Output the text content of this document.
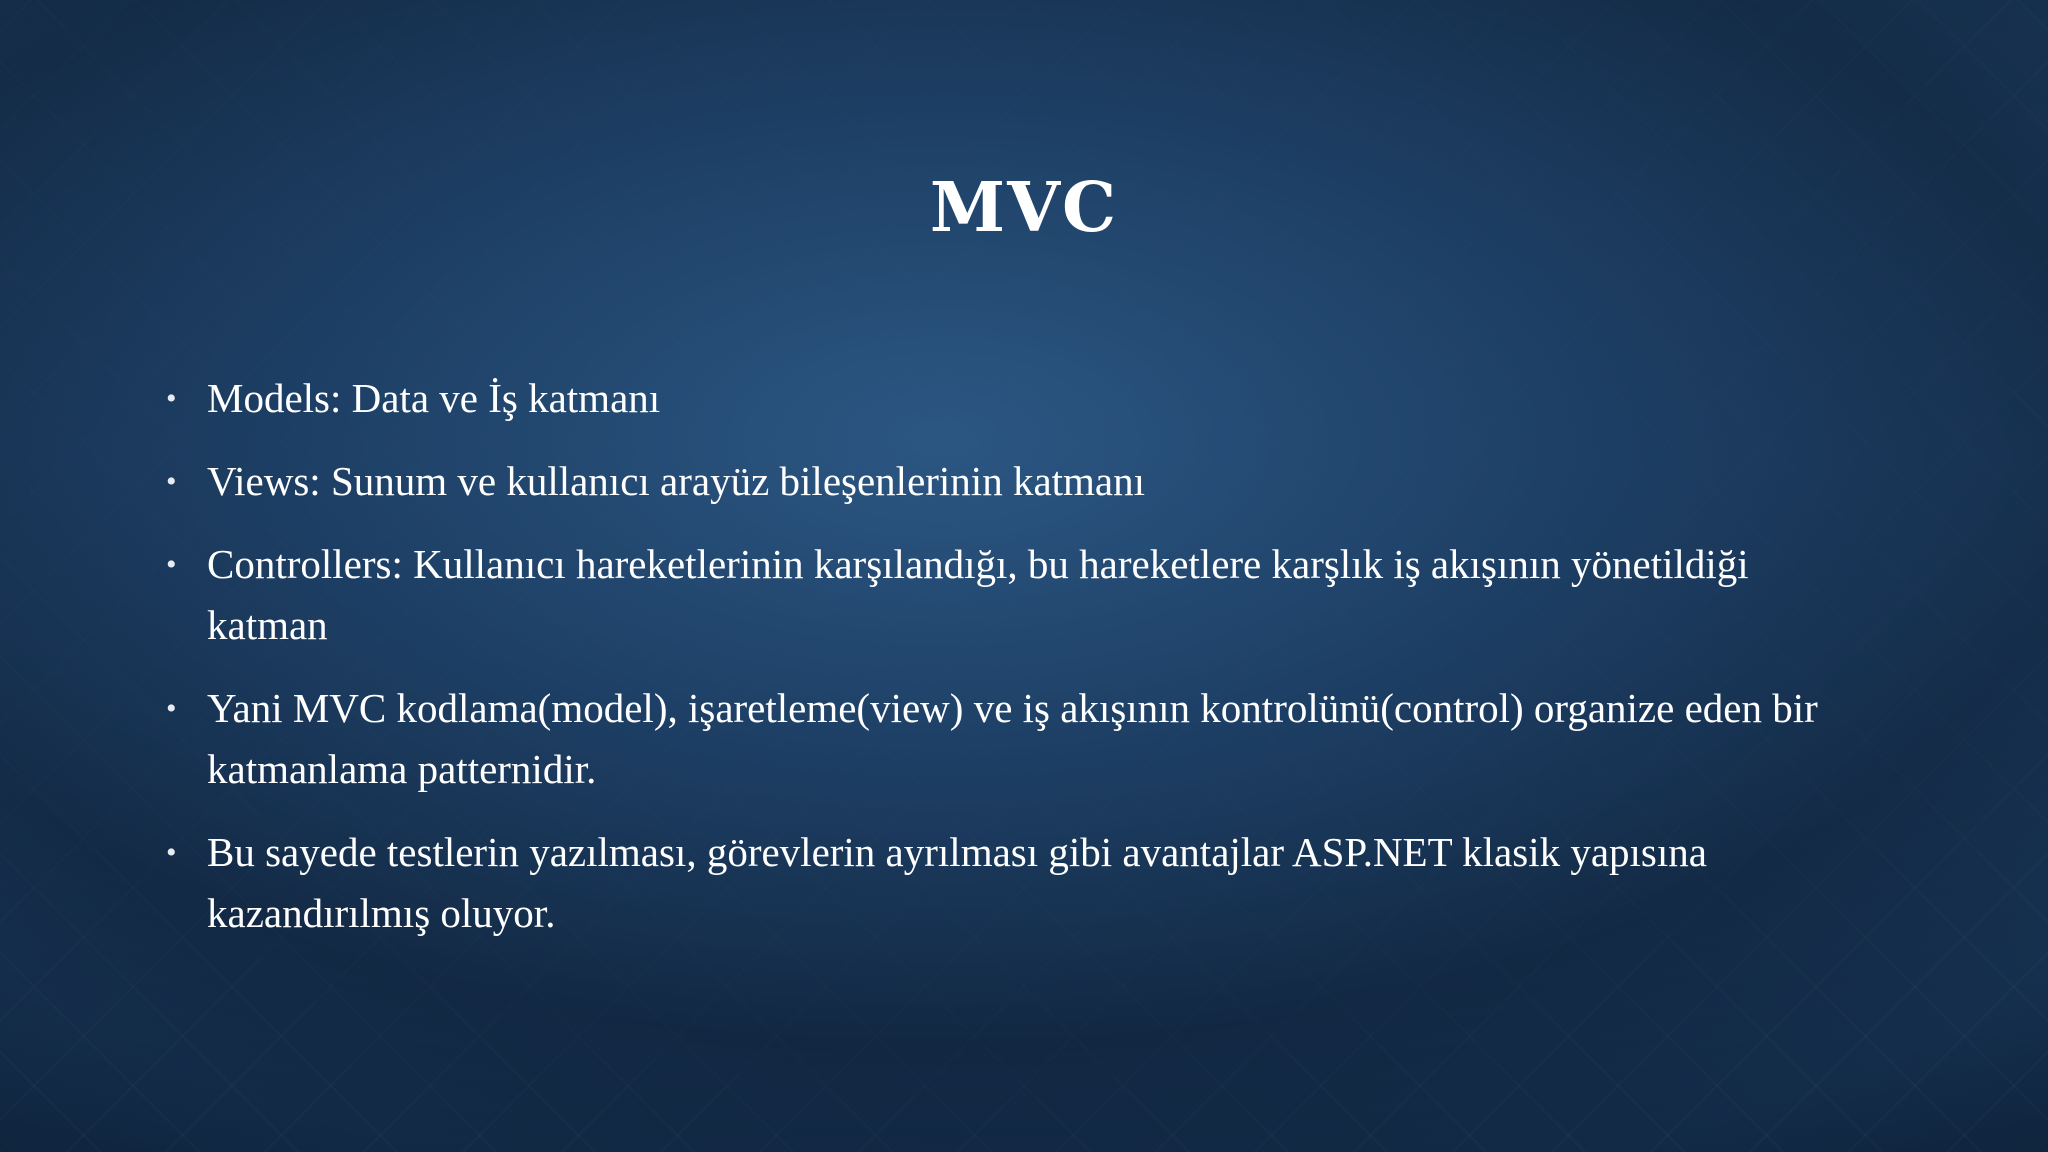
MVC
• Models: Data ve İş katmanı
• Views: Sunum ve kullanıcı arayüz bileşenlerinin katmanı
• Controllers: Kullanıcı hareketlerinin karşılandığı, bu hareketlere karşlık iş akışının yönetildiği katman
• Yani MVC kodlama(model), işaretleme(view) ve iş akışının kontrolünü(control) organize eden bir katmanlama patternidir.
• Bu sayede testlerin yazılması, görevlerin ayrılması gibi avantajlar ASP.NET klasik yapısına kazandırılmış oluyor.
